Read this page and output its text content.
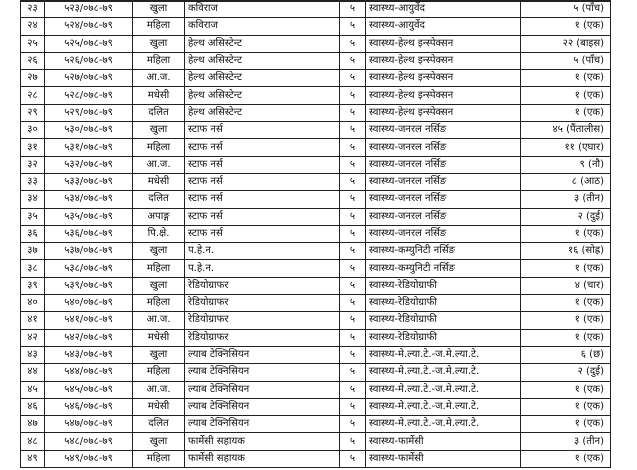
२३	५२३/०७८-७९	खुला	कविराज	५	स्वास्थ्य-आयुर्वेद	५ (पाँच)
२४	५२४/०७८-७९	महिला	कविराज	५	स्वास्थ्य-आयुर्वेद	१ (एक)
२५	५२५/०७८-७९	खुला	हेल्थ असिस्टेन्ट	५	स्वास्थ्य-हेल्थ इन्स्पेक्सन	२२ (बाइस)
२६	५२६/०७८-७९	महिला	हेल्थ असिस्टेन्ट	५	स्वास्थ्य-हेल्थ इन्स्पेक्सन	५ (पाँच)
२७	५२७/०७८-७९	आ.ज.	हेल्थ असिस्टेन्ट	५	स्वास्थ्य-हेल्थ इन्स्पेक्सन	१ (एक)
२८	५२८/०७८-७९	मधेसी	हेल्थ असिस्टेन्ट	५	स्वास्थ्य-हेल्थ इन्स्पेक्सन	१ (एक)
२९	५२९/०७८-७९	दलित	हेल्थ असिस्टेन्ट	५	स्वास्थ्य-हेल्थ इन्स्पेक्सन	१ (एक)
३०	५३०/०७८-७९	खुला	स्टाफ नर्स	५	स्वास्थ्य-जनरल नर्सिङ	४५ (पैंतालीस)
३१	५३१/०७८-७९	महिला	स्टाफ नर्स	५	स्वास्थ्य-जनरल नर्सिङ	११ (एघार)
३२	५३२/०७८-७९	आ.ज.	स्टाफ नर्स	५	स्वास्थ्य-जनरल नर्सिङ	९ (नौ)
३३	५३३/०७८-७९	मधेसी	स्टाफ नर्स	५	स्वास्थ्य-जनरल नर्सिङ	८ (आठ)
३४	५३४/०७८-७९	दलित	स्टाफ नर्स	५	स्वास्थ्य-जनरल नर्सिङ	३ (तीन)
३५	५३५/०७८-७९	अपाङ्ग	स्टाफ नर्स	५	स्वास्थ्य-जनरल नर्सिङ	२ (दुई)
३६	५३६/०७८-७९	पि.क्षे.	स्टाफ नर्स	५	स्वास्थ्य-जनरल नर्सिङ	१ (एक)
३७	५३७/०७८-७९	खुला	प.हे.न.	५	स्वास्थ्य-कम्युनिटी नर्सिङ	१६ (सोह्र)
३८	५३८/०७८-७९	महिला	प.हे.न.	५	स्वास्थ्य-कम्युनिटी नर्सिङ	१ (एक)
३९	५३९/०७८-७९	खुला	रेडियोग्राफर	५	स्वास्थ्य-रेडियोग्राफी	४ (चार)
४०	५४०/०७८-७९	महिला	रेडियोग्राफर	५	स्वास्थ्य-रेडियोग्राफी	१ (एक)
४१	५४१/०७८-७९	आ.ज.	रेडियोग्राफर	५	स्वास्थ्य-रेडियोग्राफी	१ (एक)
४२	५४२/०७८-७९	मधेसी	रेडियोग्राफर	५	स्वास्थ्य-रेडियोग्राफी	१ (एक)
४३	५४३/०७८-७९	खुला	ल्याब टेक्निसियन	५	स्वास्थ्य-मे.ल्या.टे.-ज.मे.ल्या.टे.	६ (छ)
४४	५४४/०७८-७९	महिला	ल्याब टेक्निसियन	५	स्वास्थ्य-मे.ल्या.टे.-ज.मे.ल्या.टे.	२ (दुई)
४५	५४५/०७८-७९	आ.ज.	ल्याब टेक्निसियन	५	स्वास्थ्य-मे.ल्या.टे.-ज.मे.ल्या.टे.	१ (एक)
४६	५४६/०७८-७९	मधेसी	ल्याब टेक्निसियन	५	स्वास्थ्य-मे.ल्या.टे.-ज.मे.ल्या.टे.	१ (एक)
४७	५४७/०७८-७९	दलित	ल्याब टेक्निसियन	५	स्वास्थ्य-मे.ल्या.टे.-ज.मे.ल्या.टे.	१ (एक)
४८	५४८/०७८-७९	खुला	फार्मेसी सहायक	५	स्वास्थ्य-फार्मेसी	३ (तीन)
४९	५४९/०७८-७९	महिला	फार्मेसी सहायक	५	स्वास्थ्य-फार्मेसी	१ (एक)
